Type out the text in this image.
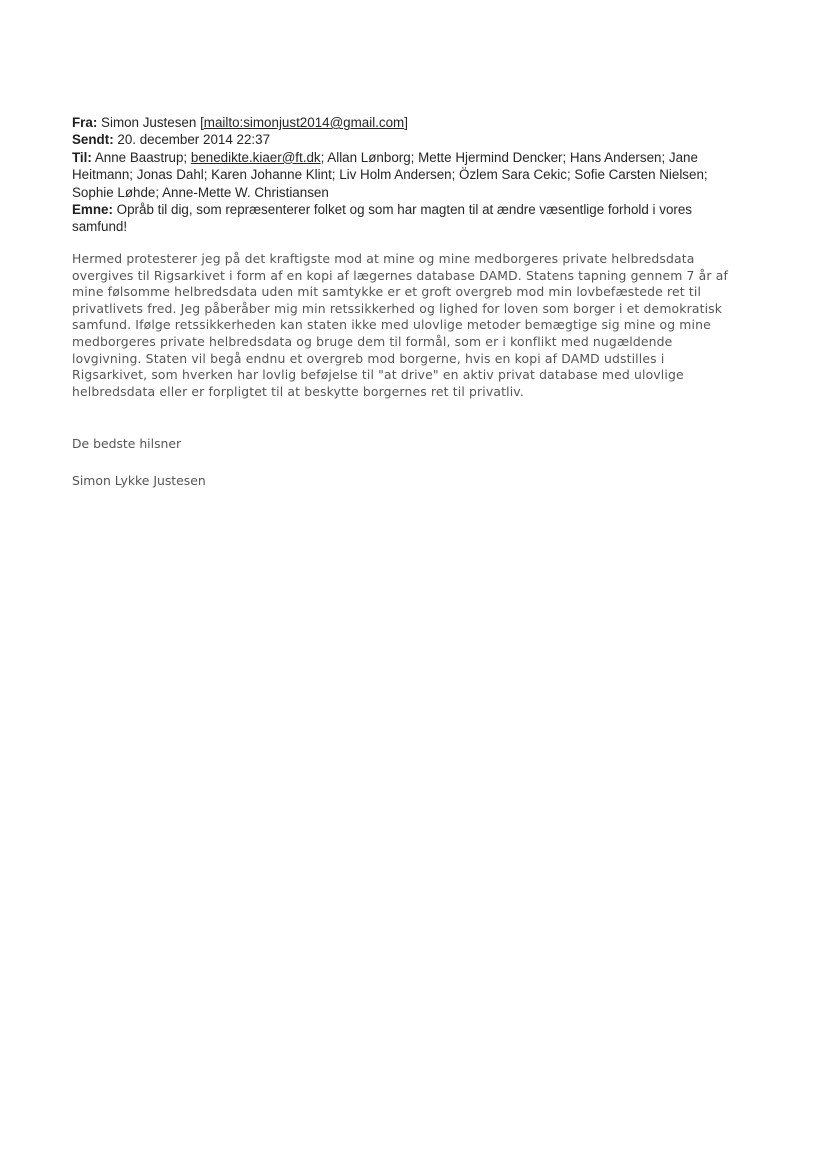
Fra: Simon Justesen [mailto:simonjust2014@gmail.com]

Sendt: 20. december 2014 22:37

Til: Anne Baastrup; benedikte.kiaer@ft.dk; Allan Lønborg; Mette Hjermind Dencker; Hans Andersen; Jane Heitmann; Jonas Dahl; Karen Johanne Klint; Liv Holm Andersen; Özlem Sara Cekic; Sofie Carsten Nielsen; Sophie Løhde; Anne-Mette W. Christiansen

Emne: Opråb til dig, som repræsenterer folket og som har magten til at ændre væsentlige forhold i vores samfund!

Hermed protesterer jeg på det kraftigste mod at mine og mine medborgeres private helbredsdata overgives til Rigsarkivet i form af en kopi af lægernes database DAMD. Statens tapning gennem 7 år af mine følsomme helbredsdata uden mit samtykke er et groft overgreb mod min lovbefæstede ret til privatlivets fred. Jeg påberåber mig min retssikkerhed og lighed for loven som borger i et demokratisk samfund. Ifølge retssikkerheden kan staten ikke med ulovlige metoder bemægtige sig mine og mine medborgeres private helbredsdata og bruge dem til formål, som er i konflikt med nugældende lovgivning. Staten vil begå endnu et overgreb mod borgerne, hvis en kopi af DAMD udstilles i Rigsarkivet, som hverken har lovlig beføjelse til "at drive" en aktiv privat database med ulovlige helbredsdata eller er forpligtet til at beskytte borgernes ret til privatliv.

De bedste hilsner
Simon Lykke Justesen
